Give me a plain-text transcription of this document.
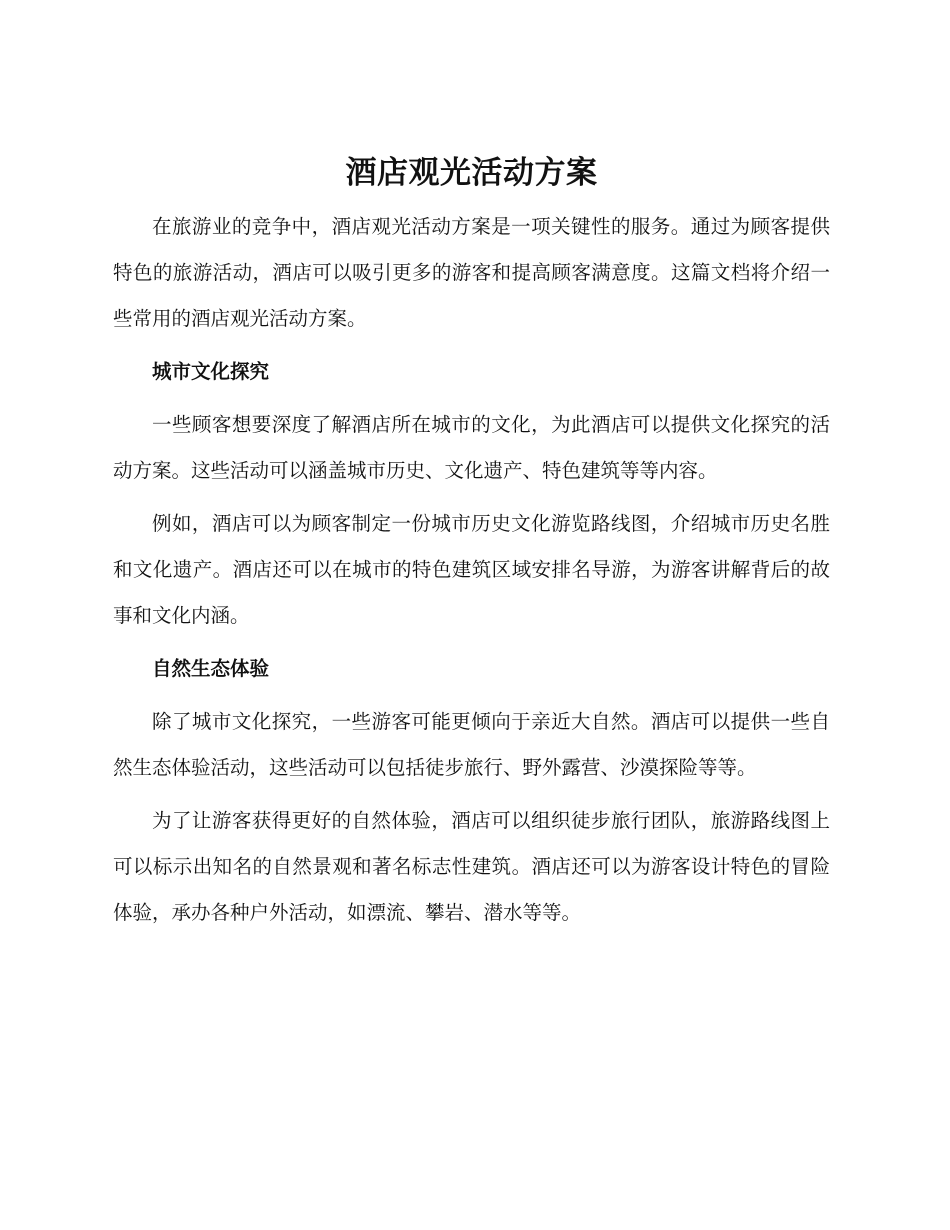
酒店观光活动方案

在旅游业的竞争中，酒店观光活动方案是一项关键性的服务。通过为顾客提供特色的旅游活动，酒店可以吸引更多的游客和提高顾客满意度。这篇文档将介绍一些常用的酒店观光活动方案。

城市文化探究

一些顾客想要深度了解酒店所在城市的文化，为此酒店可以提供文化探究的活动方案。这些活动可以涵盖城市历史、文化遗产、特色建筑等等内容。

例如，酒店可以为顾客制定一份城市历史文化游览路线图，介绍城市历史名胜和文化遗产。酒店还可以在城市的特色建筑区域安排名导游，为游客讲解背后的故事和文化内涵。

自然生态体验

除了城市文化探究，一些游客可能更倾向于亲近大自然。酒店可以提供一些自然生态体验活动，这些活动可以包括徒步旅行、野外露营、沙漠探险等等。

为了让游客获得更好的自然体验，酒店可以组织徒步旅行团队，旅游路线图上可以标示出知名的自然景观和著名标志性建筑。酒店还可以为游客设计特色的冒险体验，承办各种户外活动，如漂流、攀岩、潜水等等。
